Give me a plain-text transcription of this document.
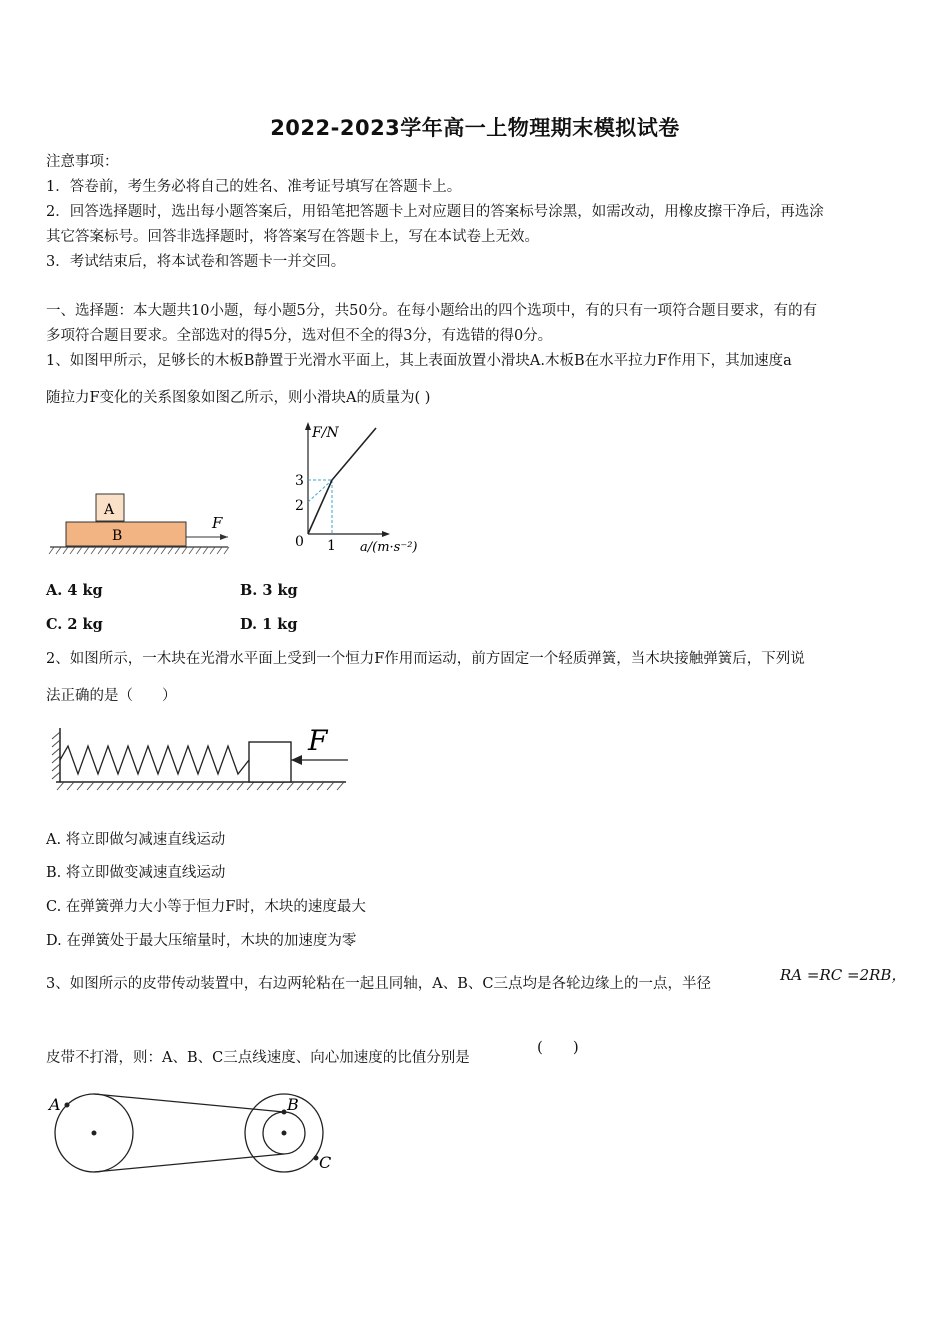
2022-2023学年高一上物理期末模拟试卷
注意事项：
1．答卷前，考生务必将自己的姓名、准考证号填写在答题卡上。
2．回答选择题时，选出每小题答案后，用铅笔把答题卡上对应题目的答案标号涂黑，如需改动，用橡皮擦干净后，再选涂
其它答案标号。回答非选择题时，将答案写在答题卡上，写在本试卷上无效。
3．考试结束后，将本试卷和答题卡一并交回。
一、选择题：本大题共10小题，每小题5分，共50分。在每小题给出的四个选项中，有的只有一项符合题目要求，有的有
多项符合题目要求。全部选对的得5分，选对但不全的得3分，有选错的得0分。
1、如图甲所示，足够长的木板B静置于光滑水平面上，其上表面放置小滑块A.木板B在水平拉力F作用下，其加速度a
随拉力F变化的关系图象如图乙所示，则小滑块A的质量为( )
A
B
F
F/N
a/(m·s⁻²)
0
3
2
1
A. 4 kg	B. 3 kg
C. 2 kg	D. 1 kg
2、如图所示，一木块在光滑水平面上受到一个恒力F作用而运动，前方固定一个轻质弹簧，当木块接触弹簧后，下列说
法正确的是（　　）
F
A. 将立即做匀减速直线运动
B. 将立即做变减速直线运动
C. 在弹簧弹力大小等于恒力F时，木块的速度最大
D. 在弹簧处于最大压缩量时，木块的加速度为零
3、如图所示的皮带传动装置中，右边两轮粘在一起且同轴，A、B、C三点均是各轮边缘上的一点，半径	RA =RC =2RB，
皮带不打滑，则：A、B、C三点线速度、向心加速度的比值分别是
(　　)
A	B
C
